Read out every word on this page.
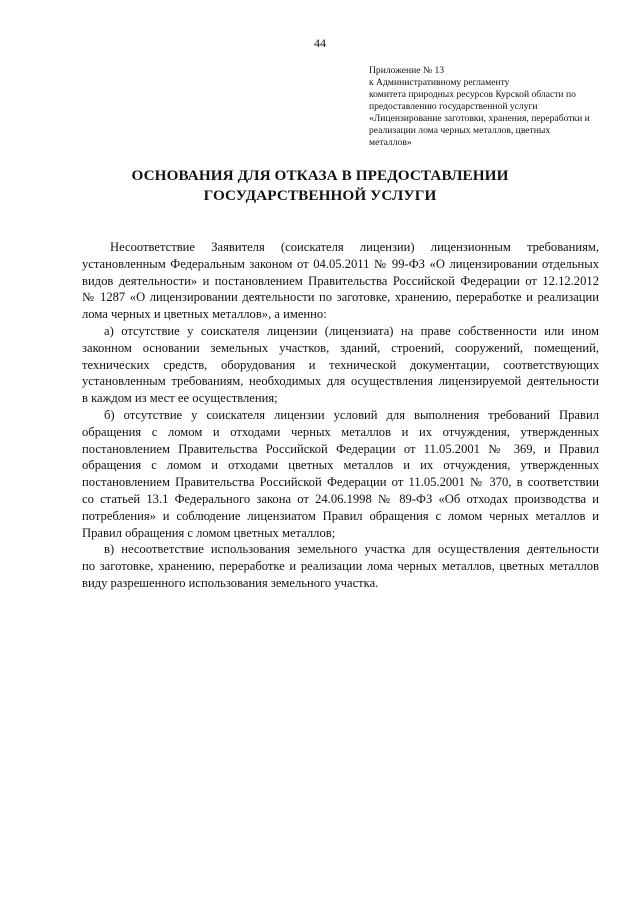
44
Приложение № 13
к Административному регламенту
комитета природных ресурсов Курской области по
предоставлению государственной услуги
«Лицензирование заготовки, хранения, переработки и
реализации лома черных металлов, цветных
металлов»
ОСНОВАНИЯ ДЛЯ ОТКАЗА В ПРЕДОСТАВЛЕНИИ
ГОСУДАРСТВЕННОЙ УСЛУГИ
Несоответствие Заявителя (соискателя лицензии) лицензионным требованиям,
установленным Федеральным законом от 04.05.2011 № 99-ФЗ «О лицензировании отдельных
видов деятельности» и постановлением Правительства Российской Федерации от 12.12.2012
№ 1287 «О лицензировании деятельности по заготовке, хранению, переработке и реализации
лома черных и цветных металлов», а именно:
а) отсутствие у соискателя лицензии (лицензиата) на праве собственности или ином
законном основании земельных участков, зданий, строений, сооружений, помещений,
технических средств, оборудования и технической документации, соответствующих
установленным требованиям, необходимых для осуществления лицензируемой деятельности
в каждом из мест ее осуществления;
б) отсутствие у соискателя лицензии условий для выполнения требований Правил
обращения с ломом и отходами черных металлов и их отчуждения, утвержденных
постановлением Правительства Российской Федерации от 11.05.2001 № 369, и Правил
обращения с ломом и отходами цветных металлов и их отчуждения, утвержденных
постановлением Правительства Российской Федерации от 11.05.2001 № 370, в соответствии
со статьей 13.1 Федерального закона от 24.06.1998 № 89-ФЗ «Об отходах производства и
потребления» и соблюдение лицензиатом Правил обращения с ломом черных металлов и
Правил обращения с ломом цветных металлов;
в) несоответствие использования земельного участка для осуществления деятельности
по заготовке, хранению, переработке и реализации лома черных металлов, цветных металлов
виду разрешенного использования земельного участка.
